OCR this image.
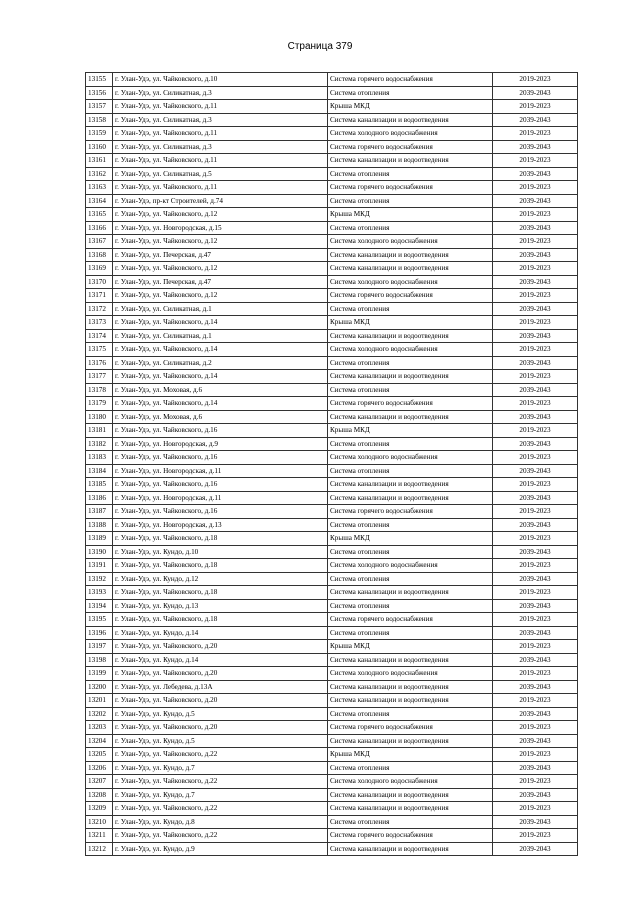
Страница 379
13155	г. Улан-Удэ, ул. Чайковского, д.10	Система горячего водоснабжения	2019-2023
13156	г. Улан-Удэ, ул. Силикатная, д.3	Система отопления	2039-2043
13157	г. Улан-Удэ, ул. Чайковского, д.11	Крыша МКД	2019-2023
13158	г. Улан-Удэ, ул. Силикатная, д.3	Система канализации и водоотведения	2039-2043
13159	г. Улан-Удэ, ул. Чайковского, д.11	Система холодного водоснабжения	2019-2023
13160	г. Улан-Удэ, ул. Силикатная, д.3	Система горячего водоснабжения	2039-2043
13161	г. Улан-Удэ, ул. Чайковского, д.11	Система канализации и водоотведения	2019-2023
13162	г. Улан-Удэ, ул. Силикатная, д.5	Система отопления	2039-2043
13163	г. Улан-Удэ, ул. Чайковского, д.11	Система горячего водоснабжения	2019-2023
13164	г. Улан-Удэ, пр-кт Строителей, д.74	Система отопления	2039-2043
13165	г. Улан-Удэ, ул. Чайковского, д.12	Крыша МКД	2019-2023
13166	г. Улан-Удэ, ул. Новгородская, д.15	Система отопления	2039-2043
13167	г. Улан-Удэ, ул. Чайковского, д.12	Система холодного водоснабжения	2019-2023
13168	г. Улан-Удэ, ул. Печерская, д.47	Система канализации и водоотведения	2039-2043
13169	г. Улан-Удэ, ул. Чайковского, д.12	Система канализации и водоотведения	2019-2023
13170	г. Улан-Удэ, ул. Печерская, д.47	Система холодного водоснабжения	2039-2043
13171	г. Улан-Удэ, ул. Чайковского, д.12	Система горячего водоснабжения	2019-2023
13172	г. Улан-Удэ, ул. Силикатная, д.1	Система отопления	2039-2043
13173	г. Улан-Удэ, ул. Чайковского, д.14	Крыша МКД	2019-2023
13174	г. Улан-Удэ, ул. Силикатная, д.1	Система канализации и водоотведения	2039-2043
13175	г. Улан-Удэ, ул. Чайковского, д.14	Система холодного водоснабжения	2019-2023
13176	г. Улан-Удэ, ул. Силикатная, д.2	Система отопления	2039-2043
13177	г. Улан-Удэ, ул. Чайковского, д.14	Система канализации и водоотведения	2019-2023
13178	г. Улан-Удэ, ул. Моховая, д.6	Система отопления	2039-2043
13179	г. Улан-Удэ, ул. Чайковского, д.14	Система горячего водоснабжения	2019-2023
13180	г. Улан-Удэ, ул. Моховая, д.6	Система канализации и водоотведения	2039-2043
13181	г. Улан-Удэ, ул. Чайковского, д.16	Крыша МКД	2019-2023
13182	г. Улан-Удэ, ул. Новгородская, д.9	Система отопления	2039-2043
13183	г. Улан-Удэ, ул. Чайковского, д.16	Система холодного водоснабжения	2019-2023
13184	г. Улан-Удэ, ул. Новгородская, д.11	Система отопления	2039-2043
13185	г. Улан-Удэ, ул. Чайковского, д.16	Система канализации и водоотведения	2019-2023
13186	г. Улан-Удэ, ул. Новгородская, д.11	Система канализации и водоотведения	2039-2043
13187	г. Улан-Удэ, ул. Чайковского, д.16	Система горячего водоснабжения	2019-2023
13188	г. Улан-Удэ, ул. Новгородская, д.13	Система отопления	2039-2043
13189	г. Улан-Удэ, ул. Чайковского, д.18	Крыша МКД	2019-2023
13190	г. Улан-Удэ, ул. Кундо, д.10	Система отопления	2039-2043
13191	г. Улан-Удэ, ул. Чайковского, д.18	Система холодного водоснабжения	2019-2023
13192	г. Улан-Удэ, ул. Кундо, д.12	Система отопления	2039-2043
13193	г. Улан-Удэ, ул. Чайковского, д.18	Система канализации и водоотведения	2019-2023
13194	г. Улан-Удэ, ул. Кундо, д.13	Система отопления	2039-2043
13195	г. Улан-Удэ, ул. Чайковского, д.18	Система горячего водоснабжения	2019-2023
13196	г. Улан-Удэ, ул. Кундо, д.14	Система отопления	2039-2043
13197	г. Улан-Удэ, ул. Чайковского, д.20	Крыша МКД	2019-2023
13198	г. Улан-Удэ, ул. Кундо, д.14	Система канализации и водоотведения	2039-2043
13199	г. Улан-Удэ, ул. Чайковского, д.20	Система холодного водоснабжения	2019-2023
13200	г. Улан-Удэ, ул. Лебедева, д.13А	Система канализации и водоотведения	2039-2043
13201	г. Улан-Удэ, ул. Чайковского, д.20	Система канализации и водоотведения	2019-2023
13202	г. Улан-Удэ, ул. Кундо, д.5	Система отопления	2039-2043
13203	г. Улан-Удэ, ул. Чайковского, д.20	Система горячего водоснабжения	2019-2023
13204	г. Улан-Удэ, ул. Кундо, д.5	Система канализации и водоотведения	2039-2043
13205	г. Улан-Удэ, ул. Чайковского, д.22	Крыша МКД	2019-2023
13206	г. Улан-Удэ, ул. Кундо, д.7	Система отопления	2039-2043
13207	г. Улан-Удэ, ул. Чайковского, д.22	Система холодного водоснабжения	2019-2023
13208	г. Улан-Удэ, ул. Кундо, д.7	Система канализации и водоотведения	2039-2043
13209	г. Улан-Удэ, ул. Чайковского, д.22	Система канализации и водоотведения	2019-2023
13210	г. Улан-Удэ, ул. Кундо, д.8	Система отопления	2039-2043
13211	г. Улан-Удэ, ул. Чайковского, д.22	Система горячего водоснабжения	2019-2023
13212	г. Улан-Удэ, ул. Кундо, д.9	Система канализации и водоотведения	2039-2043
